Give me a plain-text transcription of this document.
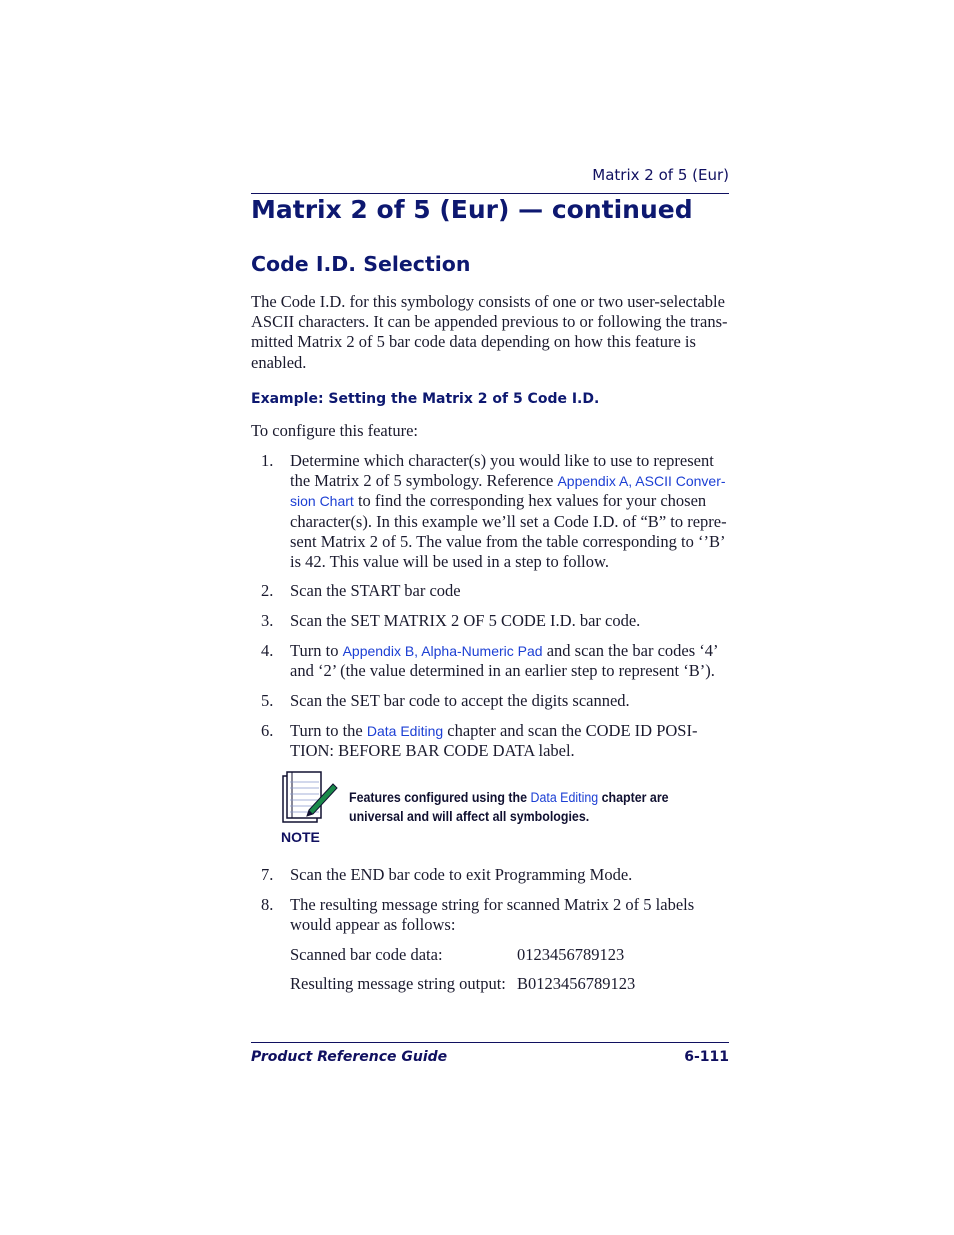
Matrix 2 of 5 (Eur)
Matrix 2 of 5 (Eur) — continued
Code I.D. Selection

The Code I.D. for this symbology consists of one or two user-selectable ASCII characters. It can be appended previous to or following the trans-mitted Matrix 2 of 5 bar code data depending on how this feature is enabled.

Example: Setting the Matrix 2 of 5 Code I.D.

To configure this feature:

1. Determine which character(s) you would like to use to represent the Matrix 2 of 5 symbology. Reference Appendix A, ASCII Conver-sion Chart to find the corresponding hex values for your chosen character(s). In this example we’ll set a Code I.D. of “B” to repre-sent Matrix 2 of 5. The value from the table corresponding to ‘’B’ is 42. This value will be used in a step to follow.
2. Scan the START bar code
3. Scan the SET MATRIX 2 OF 5 CODE I.D. bar code.
4. Turn to Appendix B, Alpha-Numeric Pad and scan the bar codes ‘4’ and ‘2’ (the value determined in an earlier step to represent ‘B’).
5. Scan the SET bar code to accept the digits scanned.
6. Turn to the Data Editing chapter and scan the CODE ID POSI-TION: BEFORE BAR CODE DATA label.
NOTE
Features configured using the Data Editing chapter are universal and will affect all symbologies.
7. Scan the END bar code to exit Programming Mode.
8. The resulting message string for scanned Matrix 2 of 5 labels would appear as follows:
Scanned bar code data:	0123456789123
Resulting message string output: B0123456789123
Product Reference Guide	6-111
